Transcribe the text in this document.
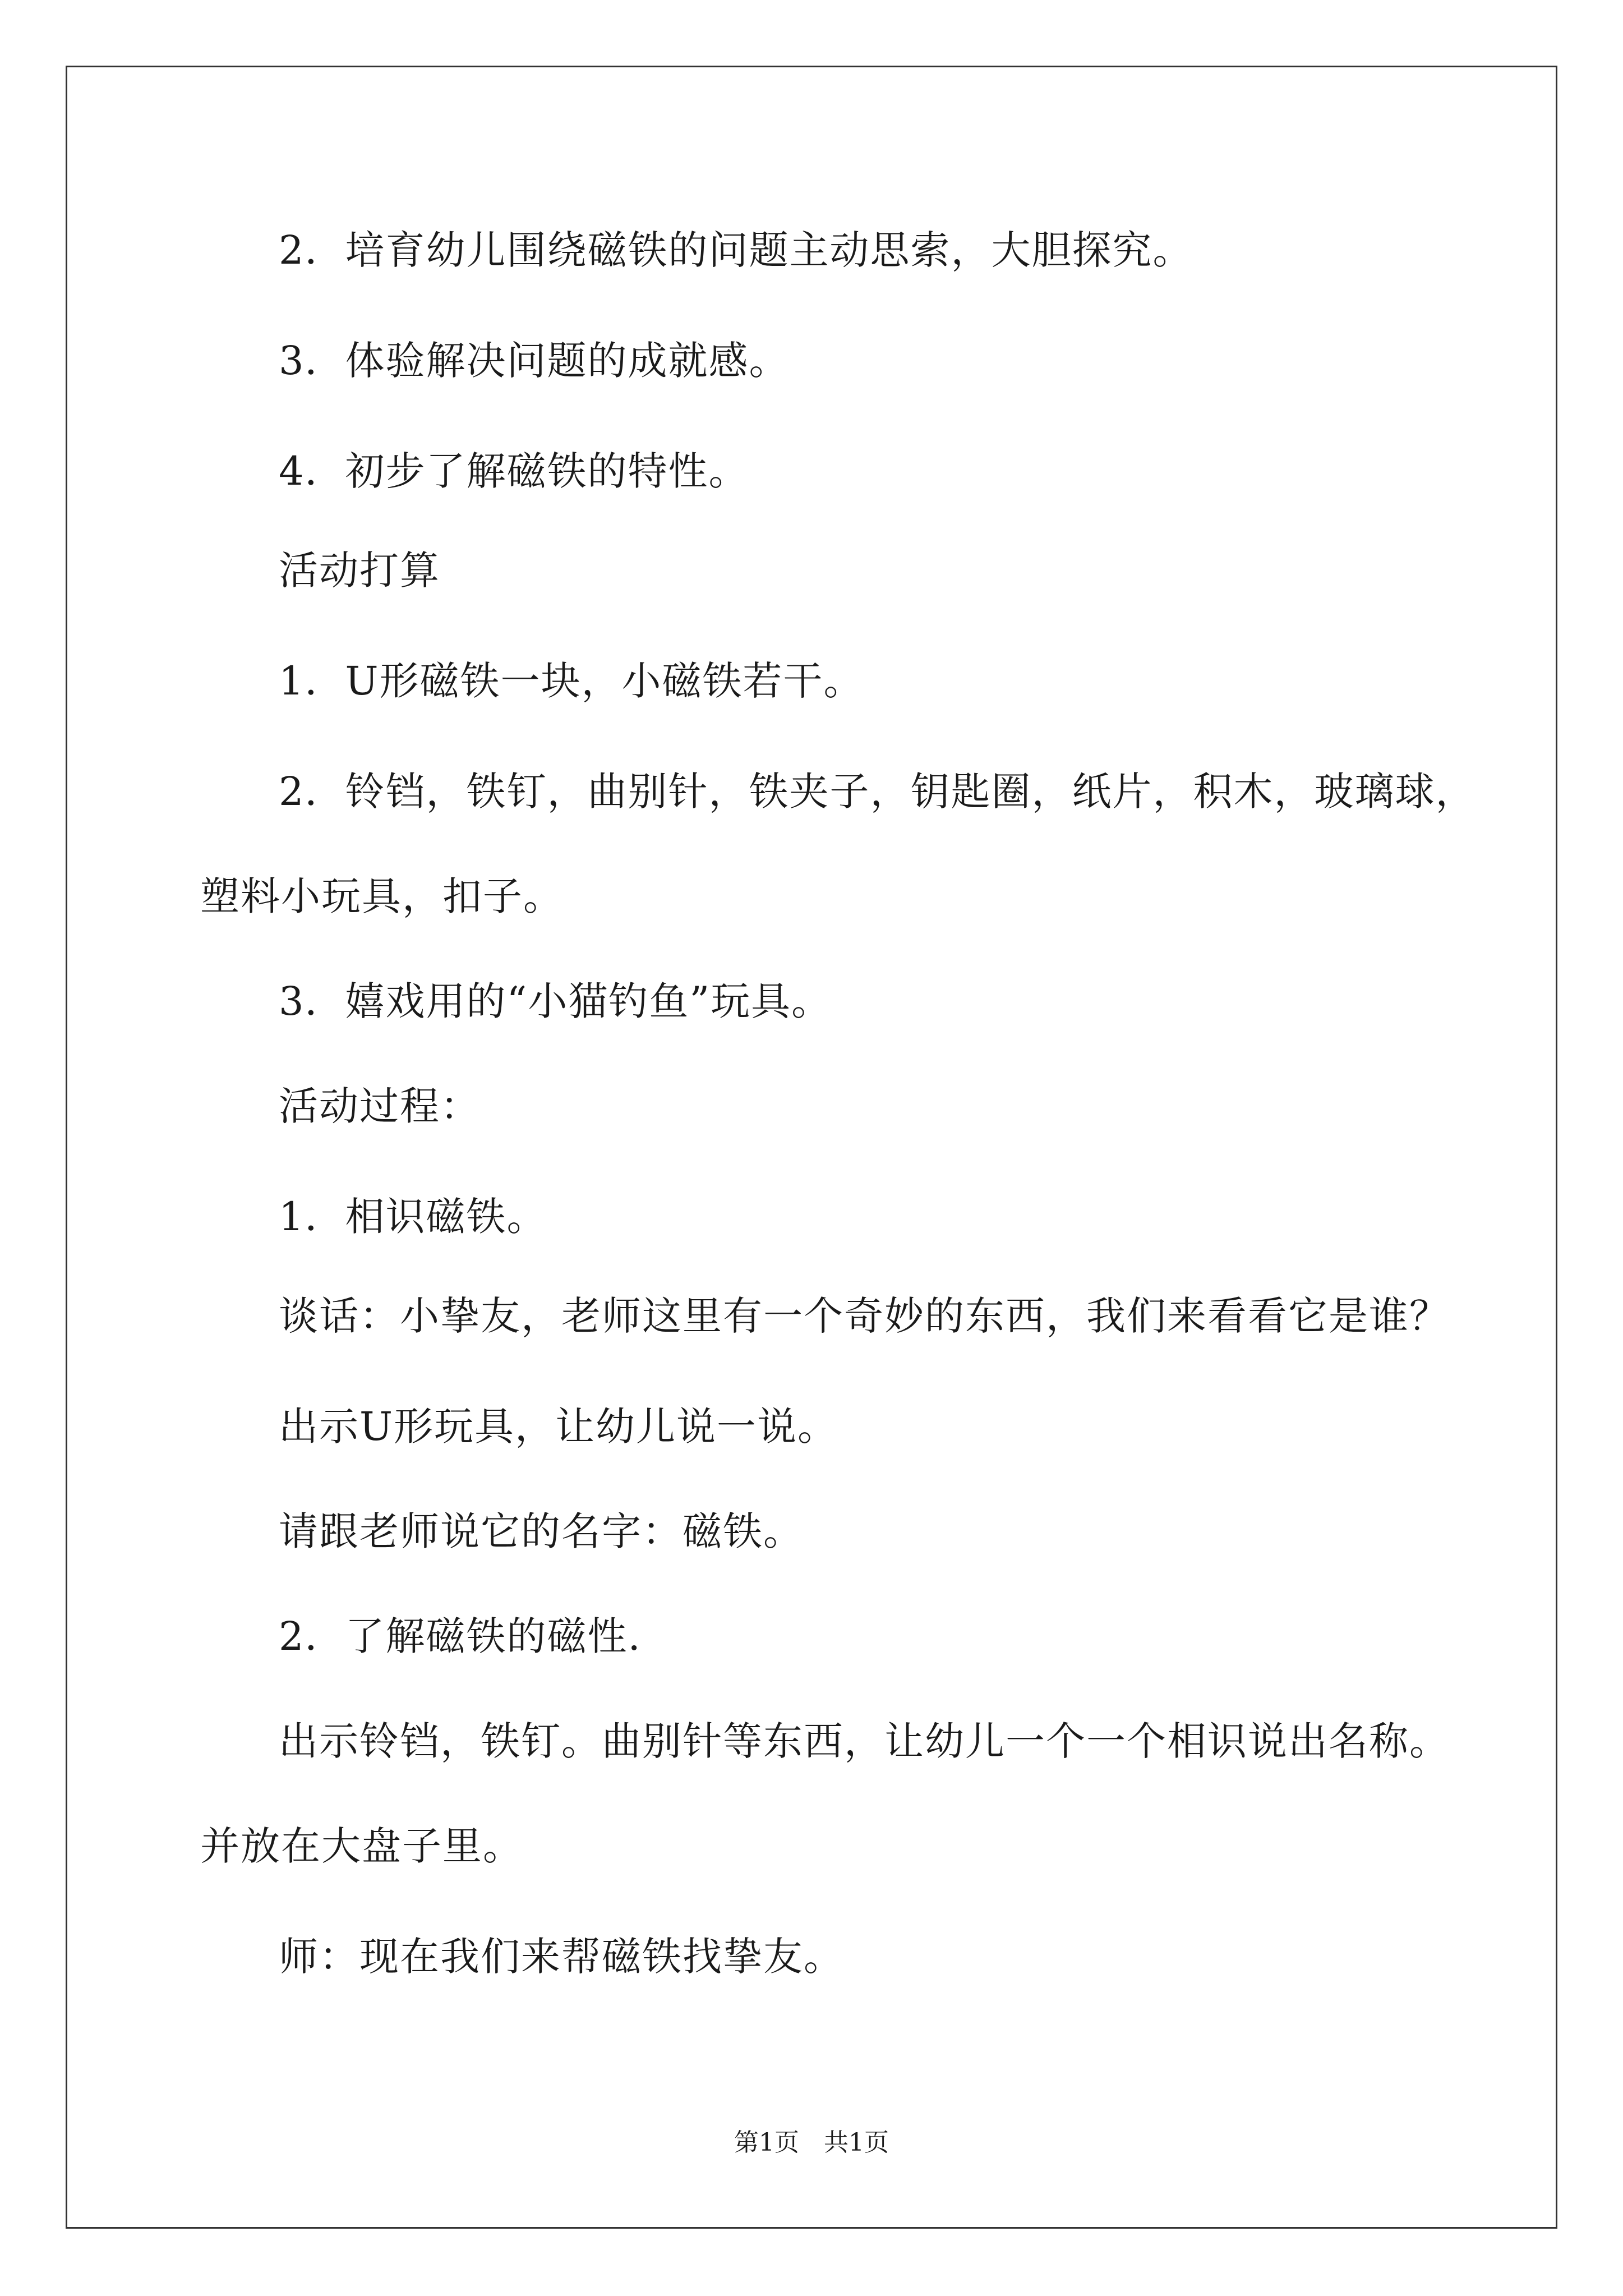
2．培育幼儿围绕磁铁的问题主动思索，大胆探究。

3．体验解决问题的成就感。

4．初步了解磁铁的特性。

活动打算

1．U形磁铁一块，小磁铁若干。

2．铃铛，铁钉，曲别针，铁夹子，钥匙圈，纸片，积木，玻璃球，

塑料小玩具，扣子。

3．嬉戏用的“小猫钓鱼”玩具。

活动过程：

1．相识磁铁。

谈话：小挚友，老师这里有一个奇妙的东西，我们来看看它是谁？

出示U形玩具，让幼儿说一说。

请跟老师说它的名字：磁铁。

2．了解磁铁的磁性.

出示铃铛，铁钉。曲别针等东西，让幼儿一个一个相识说出名称。

并放在大盘子里。

师：现在我们来帮磁铁找挚友。

第1页　共1页
